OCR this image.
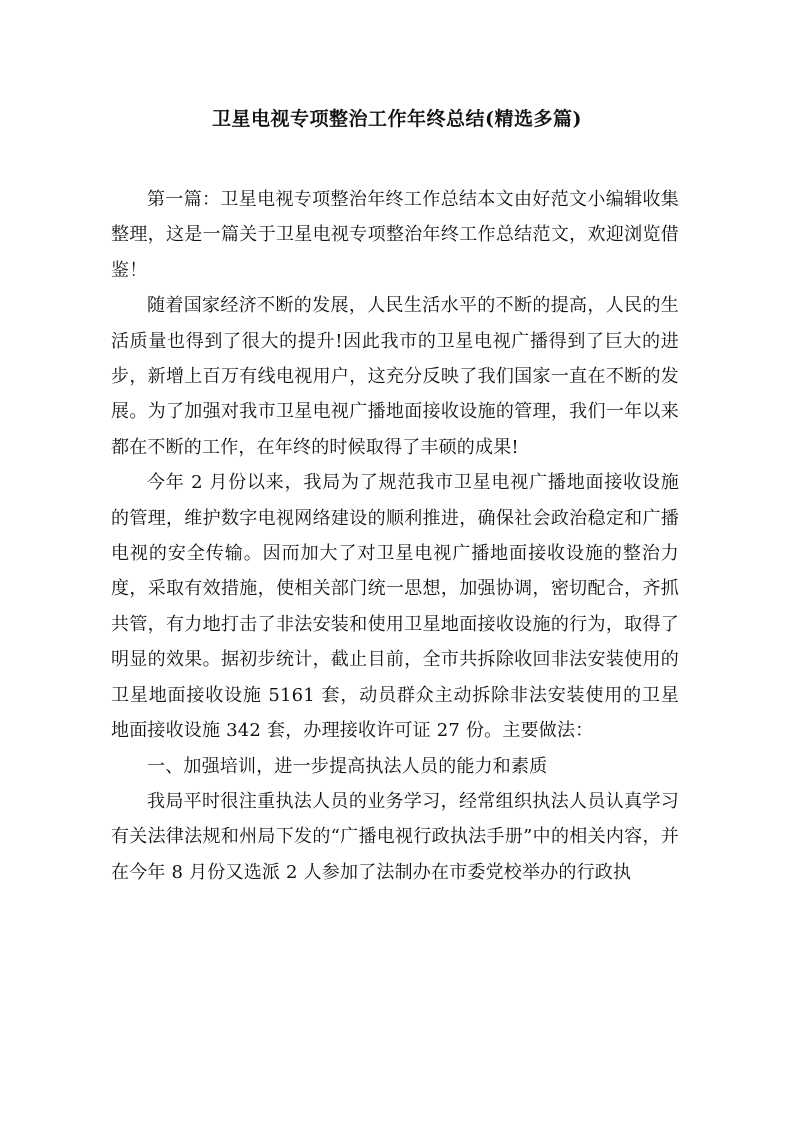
卫星电视专项整治工作年终总结(精选多篇)

第一篇：卫星电视专项整治年终工作总结本文由好范文小编辑收集整理，这是一篇关于卫星电视专项整治年终工作总结范文，欢迎浏览借鉴！

随着国家经济不断的发展，人民生活水平的不断的提高，人民的生活质量也得到了很大的提升!因此我市的卫星电视广播得到了巨大的进步，新增上百万有线电视用户，这充分反映了我们国家一直在不断的发展。为了加强对我市卫星电视广播地面接收设施的管理，我们一年以来都在不断的工作，在年终的时候取得了丰硕的成果!

今年 2 月份以来，我局为了规范我市卫星电视广播地面接收设施的管理，维护数字电视网络建设的顺利推进，确保社会政治稳定和广播电视的安全传输。因而加大了对卫星电视广播地面接收设施的整治力度，采取有效措施，使相关部门统一思想，加强协调，密切配合，齐抓共管，有力地打击了非法安装和使用卫星地面接收设施的行为，取得了明显的效果。据初步统计，截止目前，全市共拆除收回非法安装使用的卫星地面接收设施 5161 套，动员群众主动拆除非法安装使用的卫星地面接收设施 342 套，办理接收许可证 27 份。主要做法：

一、加强培训，进一步提高执法人员的能力和素质

我局平时很注重执法人员的业务学习，经常组织执法人员认真学习有关法律法规和州局下发的“广播电视行政执法手册”中的相关内容，并在今年 8 月份又选派 2 人参加了法制办在市委党校举办的行政执
